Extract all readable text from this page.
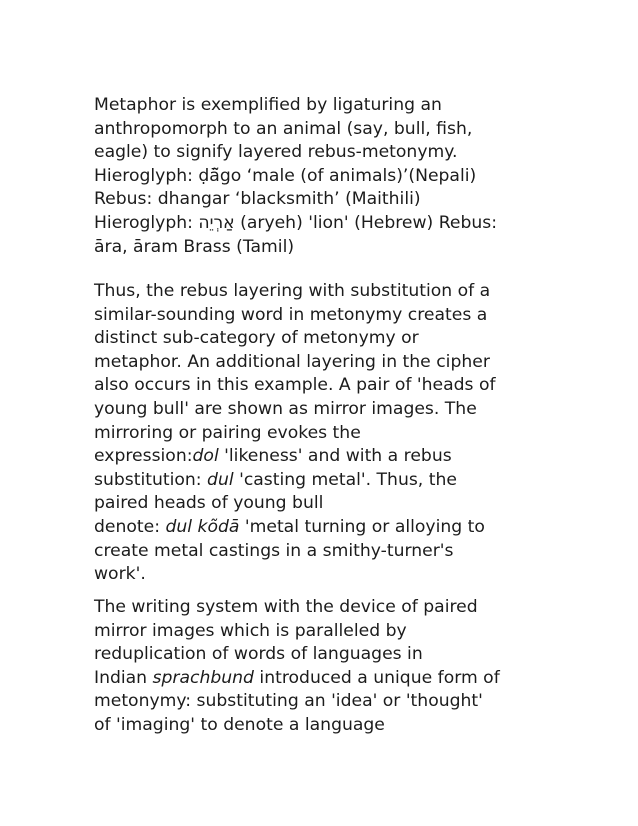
Metaphor is exemplified by ligaturing an
anthropomorph to an animal (say, bull, fish,
eagle) to signify layered rebus-metonymy.
Hieroglyph: ḍā̃go ‘male (of animals)’(Nepali)
Rebus: dhangar ‘blacksmith’ (Maithili)
Hieroglyph: אַרְיֵה (aryeh) 'lion' (Hebrew) Rebus:
āra, āram Brass (Tamil)
Thus, the rebus layering with substitution of a
similar-sounding word in metonymy creates a
distinct sub-category of metonymy or
metaphor. An additional layering in the cipher
also occurs in this example. A pair of 'heads of
young bull' are shown as mirror images. The
mirroring or pairing evokes the
expression:dol 'likeness' and with a rebus
substitution: dul 'casting metal'. Thus, the
paired heads of young bull
denote: dul kõdā 'metal turning or alloying to
create metal castings in a smithy-turner's
work'.
The writing system with the device of paired
mirror images which is paralleled by
reduplication of words of languages in
Indian sprachbund introduced a unique form of
metonymy: substituting an 'idea' or 'thought'
of 'imaging' to denote a language
